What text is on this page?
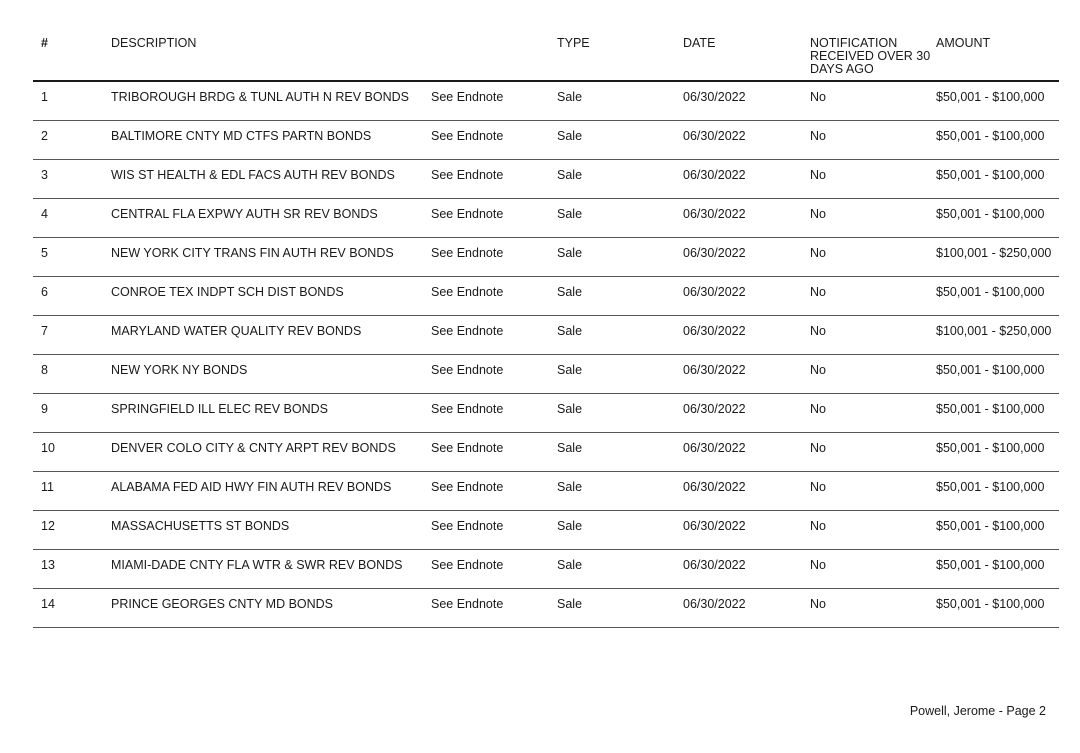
#	DESCRIPTION		TYPE	DATE	NOTIFICATION RECEIVED OVER 30 DAYS AGO	AMOUNT
1	TRIBOROUGH BRDG & TUNL AUTH N REV BONDS	See Endnote	Sale	06/30/2022	No	$50,001 - $100,000
2	BALTIMORE CNTY MD CTFS PARTN BONDS	See Endnote	Sale	06/30/2022	No	$50,001 - $100,000
3	WIS ST HEALTH & EDL FACS AUTH REV BONDS	See Endnote	Sale	06/30/2022	No	$50,001 - $100,000
4	CENTRAL FLA EXPWY AUTH SR REV BONDS	See Endnote	Sale	06/30/2022	No	$50,001 - $100,000
5	NEW YORK CITY TRANS FIN AUTH REV BONDS	See Endnote	Sale	06/30/2022	No	$100,001 - $250,000
6	CONROE TEX INDPT SCH DIST BONDS	See Endnote	Sale	06/30/2022	No	$50,001 - $100,000
7	MARYLAND WATER QUALITY REV BONDS	See Endnote	Sale	06/30/2022	No	$100,001 - $250,000
8	NEW YORK NY BONDS	See Endnote	Sale	06/30/2022	No	$50,001 - $100,000
9	SPRINGFIELD ILL ELEC REV BONDS	See Endnote	Sale	06/30/2022	No	$50,001 - $100,000
10	DENVER COLO CITY & CNTY ARPT REV BONDS	See Endnote	Sale	06/30/2022	No	$50,001 - $100,000
11	ALABAMA FED AID HWY FIN AUTH REV BONDS	See Endnote	Sale	06/30/2022	No	$50,001 - $100,000
12	MASSACHUSETTS ST BONDS	See Endnote	Sale	06/30/2022	No	$50,001 - $100,000
13	MIAMI-DADE CNTY FLA WTR & SWR REV BONDS	See Endnote	Sale	06/30/2022	No	$50,001 - $100,000
14	PRINCE GEORGES CNTY MD BONDS	See Endnote	Sale	06/30/2022	No	$50,001 - $100,000
Powell, Jerome - Page 2
